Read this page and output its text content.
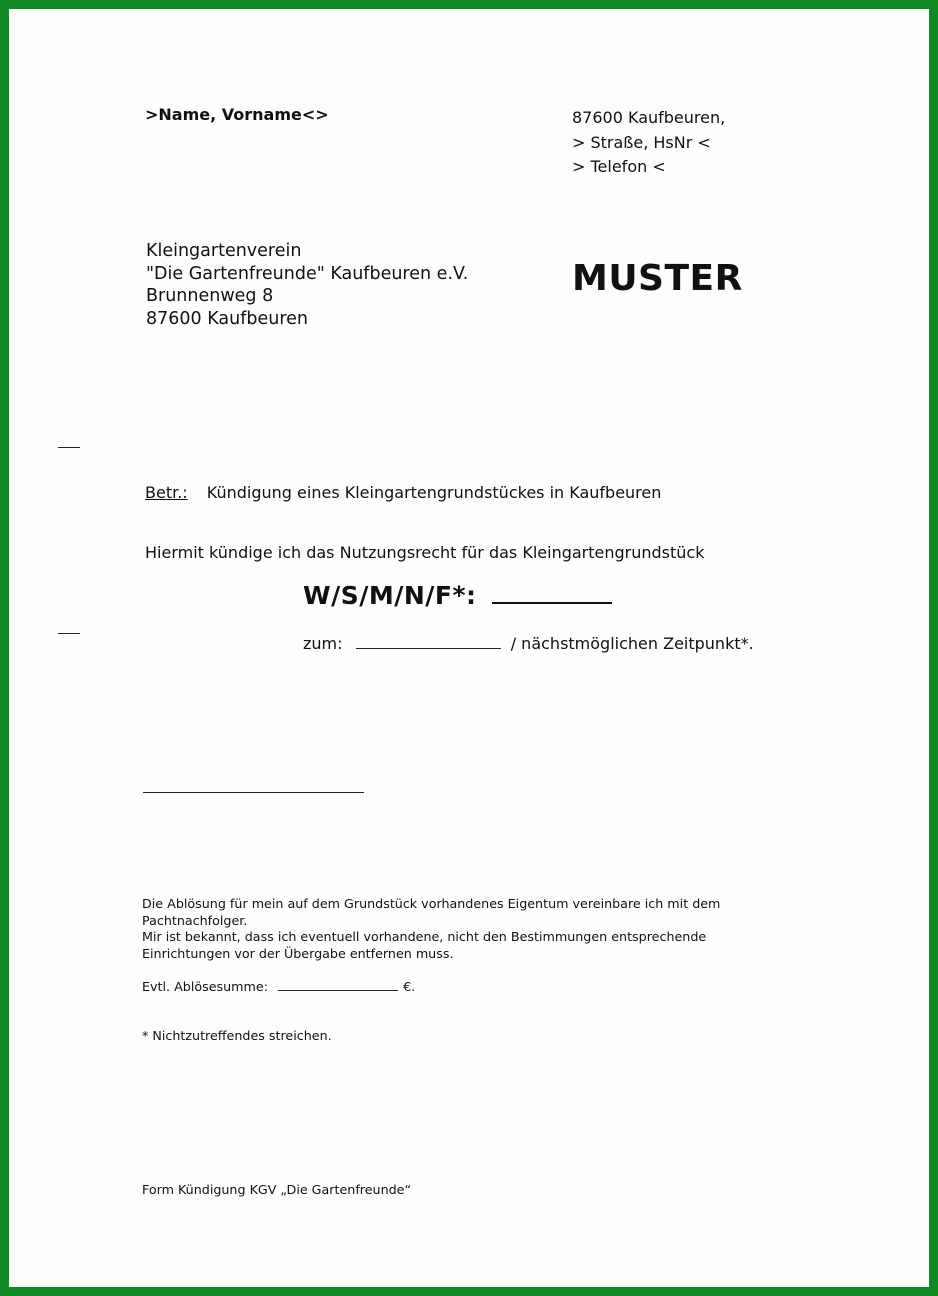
>Name, Vorname<>	87600 Kaufbeuren,
> Straße, HsNr <
> Telefon <
Kleingartenverein
"Die Gartenfreunde" Kaufbeuren e.V.
Brunnenweg 8
87600 Kaufbeuren
MUSTER
Betr.: Kündigung eines Kleingartengrundstückes in Kaufbeuren
Hiermit kündige ich das Nutzungsrecht für das Kleingartengrundstück
W/S/M/N/F*:
zum:	/ nächstmöglichen Zeitpunkt*.
Die Ablösung für mein auf dem Grundstück vorhandenes Eigentum vereinbare ich mit dem
Pachtnachfolger.
Mir ist bekannt, dass ich eventuell vorhandene, nicht den Bestimmungen entsprechende
Einrichtungen vor der Übergabe entfernen muss.
Evtl. Ablösesumme:	€.
* Nichtzutreffendes streichen.
Form Kündigung KGV „Die Gartenfreunde“
